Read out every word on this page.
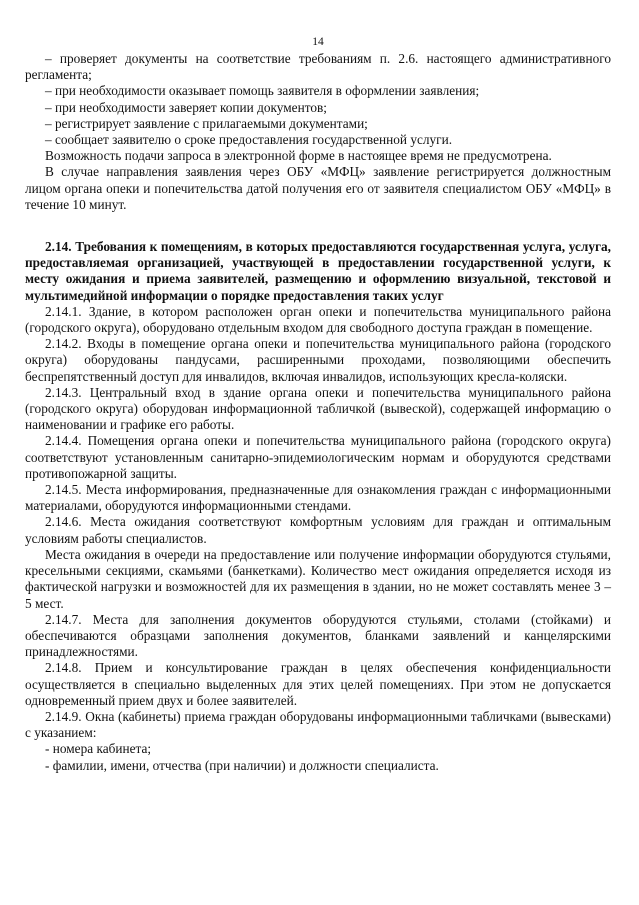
14

– проверяет документы на соответствие требованиям п. 2.6. настоящего административного регламента;

– при необходимости оказывает помощь заявителя в оформлении заявления;

– при необходимости заверяет копии документов;

– регистрирует заявление с прилагаемыми документами;

– сообщает заявителю о сроке предоставления государственной услуги.

Возможность подачи запроса в электронной форме в настоящее время не предусмотрена.

В случае направления заявления через ОБУ «МФЦ» заявление регистрируется должностным лицом органа опеки и попечительства датой получения его от заявителя специалистом ОБУ «МФЦ» в течение 10 минут.

2.14. Требования к помещениям, в которых предоставляются государственная услуга, услуга, предоставляемая организацией, участвующей в предоставлении государственной услуги, к месту ожидания и приема заявителей, размещению и оформлению визуальной, текстовой и мультимедийной информации о порядке предоставления таких услуг

2.14.1. Здание, в котором расположен орган опеки и попечительства муниципального района (городского округа), оборудовано отдельным входом для свободного доступа граждан в помещение.

2.14.2. Входы в помещение органа опеки и попечительства муниципального района (городского округа) оборудованы пандусами, расширенными проходами, позволяющими обеспечить беспрепятственный доступ для инвалидов, включая инвалидов, использующих кресла-коляски.

2.14.3. Центральный вход в здание органа опеки и попечительства муниципального района (городского округа) оборудован информационной табличкой (вывеской), содержащей информацию о наименовании и графике его работы.

2.14.4. Помещения органа опеки и попечительства муниципального района (городского округа) соответствуют установленным санитарно-эпидемиологическим нормам и оборудуются средствами противопожарной защиты.

2.14.5. Места информирования, предназначенные для ознакомления граждан с информационными материалами, оборудуются информационными стендами.

2.14.6. Места ожидания соответствуют комфортным условиям для граждан и оптимальным условиям работы специалистов.

Места ожидания в очереди на предоставление или получение информации оборудуются стульями, кресельными секциями, скамьями (банкетками). Количество мест ожидания определяется исходя из фактической нагрузки и возможностей для их размещения в здании, но не может составлять менее 3 – 5 мест.

2.14.7. Места для заполнения документов оборудуются стульями, столами (стойками) и обеспечиваются образцами заполнения документов, бланками заявлений и канцелярскими принадлежностями.

2.14.8. Прием и консультирование граждан в целях обеспечения конфиденциальности осуществляется в специально выделенных для этих целей помещениях. При этом не допускается одновременный прием двух и более заявителей.

2.14.9. Окна (кабинеты) приема граждан оборудованы информационными табличками (вывесками) с указанием:

- номера кабинета;

- фамилии, имени, отчества (при наличии) и должности специалиста.
